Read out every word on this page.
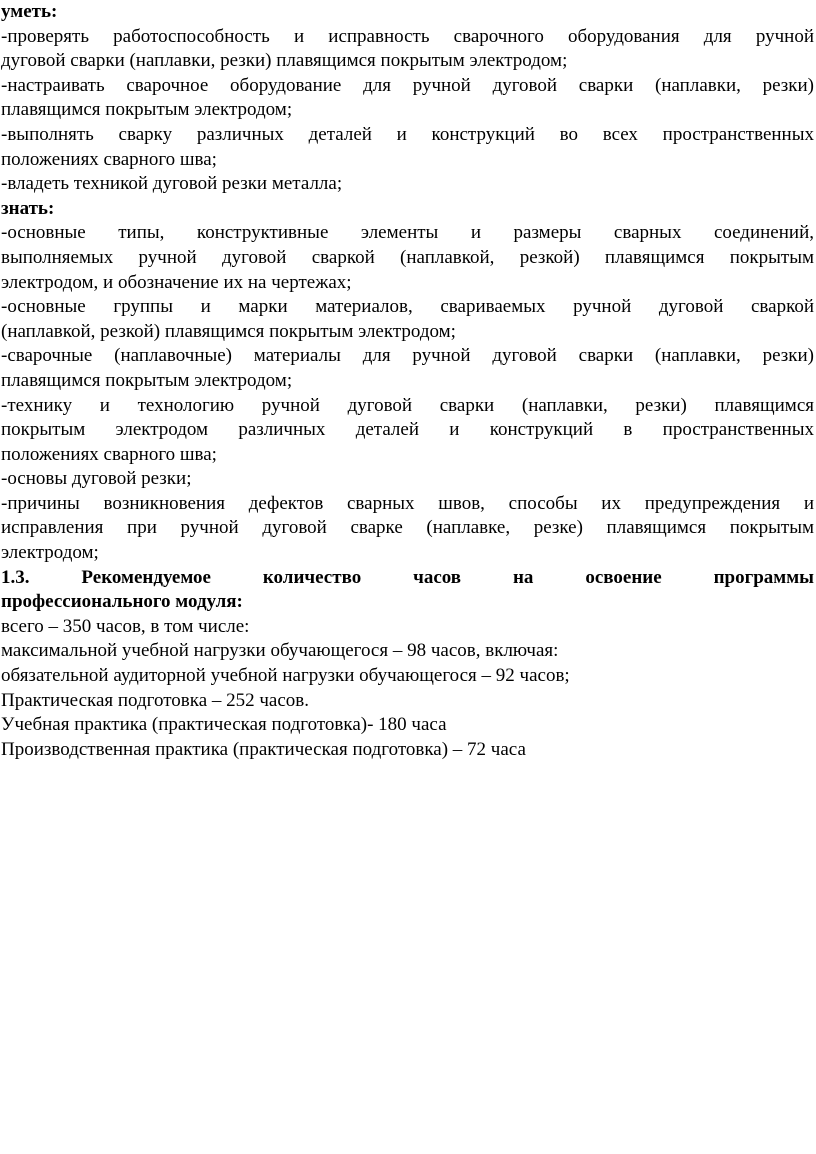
уметь:
-проверять работоспособность и исправность сварочного оборудования для ручной
дуговой сварки (наплавки, резки) плавящимся покрытым электродом;
-настраивать сварочное оборудование для ручной дуговой сварки (наплавки, резки)
плавящимся покрытым электродом;
-выполнять сварку различных деталей и конструкций во всех пространственных
положениях сварного шва;
-владеть техникой дуговой резки металла;
знать:
-основные типы, конструктивные элементы и размеры сварных соединений,
выполняемых ручной дуговой сваркой (наплавкой, резкой) плавящимся покрытым
электродом, и обозначение их на чертежах;
-основные группы и марки материалов, свариваемых ручной дуговой сваркой
(наплавкой, резкой) плавящимся покрытым электродом;
-сварочные (наплавочные) материалы для ручной дуговой сварки (наплавки, резки)
плавящимся покрытым электродом;
-технику и технологию ручной дуговой сварки (наплавки, резки) плавящимся
покрытым электродом различных деталей и конструкций в пространственных
положениях сварного шва;
-основы дуговой резки;
-причины возникновения дефектов сварных швов, способы их предупреждения и
исправления при ручной дуговой сварке (наплавке, резке) плавящимся покрытым
электродом;
1.3. Рекомендуемое количество часов на освоение программы
профессионального модуля:
всего – 350 часов, в том числе:
максимальной учебной нагрузки обучающегося – 98 часов, включая:
обязательной аудиторной учебной нагрузки обучающегося – 92 часов;
Практическая подготовка – 252 часов.
Учебная практика (практическая подготовка)- 180 часа
Производственная практика (практическая подготовка) – 72 часа
